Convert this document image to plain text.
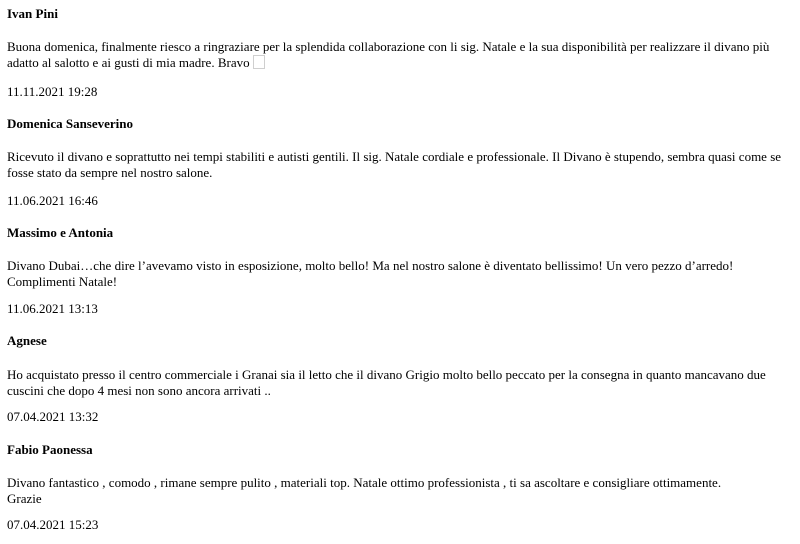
Ivan Pini

Buona domenica, finalmente riesco a ringraziare per la splendida collaborazione con li sig. Natale e la sua disponibilità per realizzare il divano più adatto al salotto e ai gusti di mia madre. Bravo

11.11.2021 19:28

Domenica Sanseverino

Ricevuto il divano e soprattutto nei tempi stabiliti e autisti gentili. Il sig. Natale cordiale e professionale. Il Divano è stupendo, sembra quasi come se fosse stato da sempre nel nostro salone.

11.06.2021 16:46

Massimo e Antonia

Divano Dubai…che dire l’avevamo visto in esposizione, molto bello! Ma nel nostro salone è diventato bellissimo! Un vero pezzo d’arredo! Complimenti Natale!

11.06.2021 13:13

Agnese

Ho acquistato presso il centro commerciale i Granai sia il letto che il divano Grigio molto bello peccato per la consegna in quanto mancavano due cuscini che dopo 4 mesi non sono ancora arrivati ..

07.04.2021 13:32

Fabio Paonessa

Divano fantastico , comodo , rimane sempre pulito , materiali top. Natale ottimo professionista , ti sa ascoltare e consigliare ottimamente.
Grazie

07.04.2021 15:23
